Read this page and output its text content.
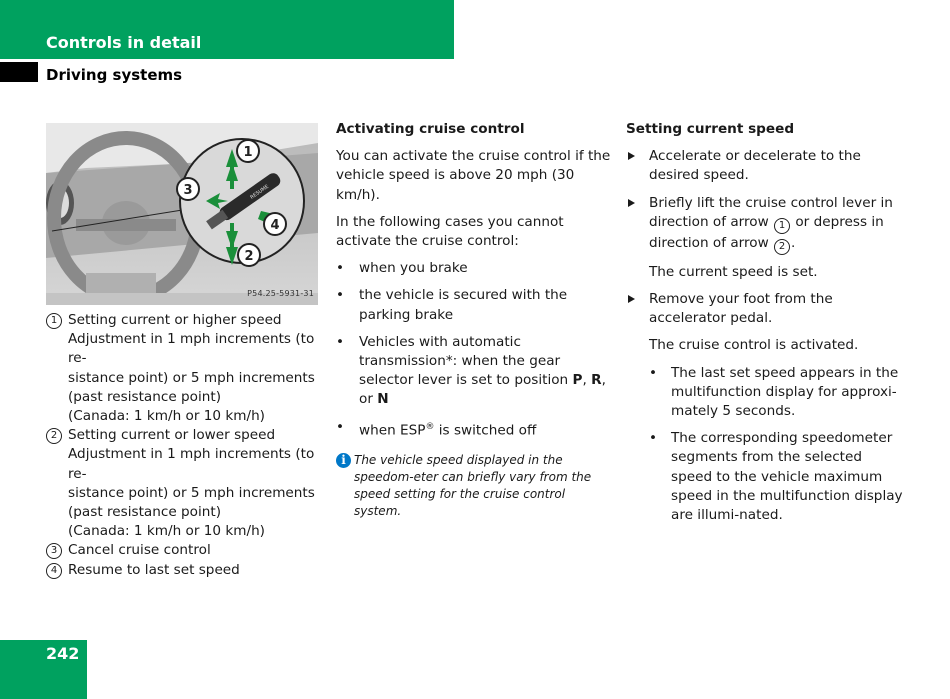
Controls in detail
Driving systems
RESUME
1
3
4
2
P54.25-5931-31
1 Setting current or higher speed
Adjustment in 1 mph increments (to re-
sistance point) or 5 mph increments
(past resistance point)
(Canada: 1 km/h or 10 km/h)
2 Setting current or lower speed
Adjustment in 1 mph increments (to re-
sistance point) or 5 mph increments
(past resistance point)
(Canada: 1 km/h or 10 km/h)
3 Cancel cruise control
4 Resume to last set speed
Activating cruise control

You can activate the cruise control if the vehicle speed is above 20 mph (30 km/h).

In the following cases you cannot activate the cruise control:

•	when you brake
•	the vehicle is secured with the parking brake
•	Vehicles with automatic transmission*: when the gear selector lever is set to position P, R, or N
•	when ESP® is switched off
i The vehicle speed displayed in the speedom-eter can briefly vary from the speed setting for the cruise control system.
Setting current speed
Accelerate or decelerate to the desired speed.
Briefly lift the cruise control lever in direction of arrow 1 or depress in direction of arrow 2 .

The current speed is set.

Remove your foot from the accelerator pedal.

The cruise control is activated.

•	The last set speed appears in the multifunction display for approxi-mately 5 seconds.
•	The corresponding speedometer segments from the selected speed to the vehicle maximum speed in the multifunction display are illumi-nated.
242
